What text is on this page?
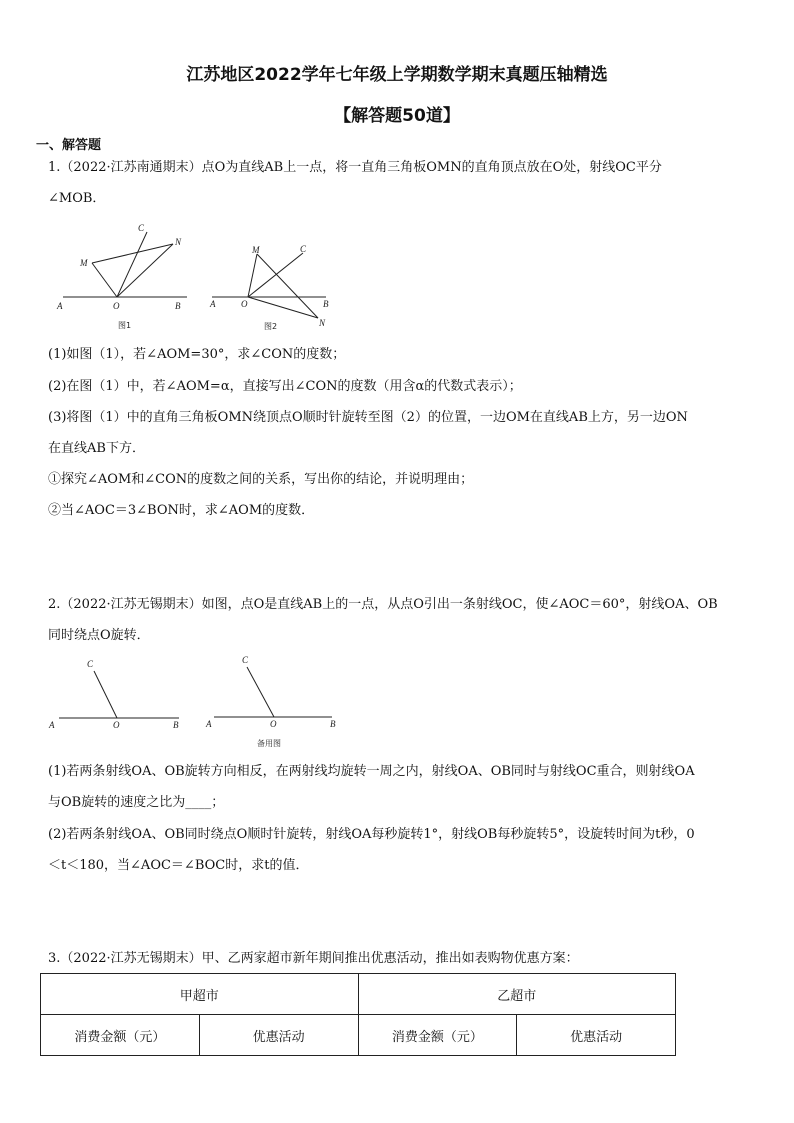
江苏地区2022学年七年级上学期数学期末真题压轴精选
【解答题50道】
一、解答题
1.（2022·江苏南通期末）点O为直线AB上一点，将一直角三角板OMN的直角顶点放在O处，射线OC平分
∠MOB．
A	O	B
C
M
N
图1
A	O	B
C
M
N
图2
(1)如图（1），若∠AOM=30°，求∠CON的度数；
(2)在图（1）中，若∠AOM=α，直接写出∠CON的度数（用含α的代数式表示）；
(3)将图（1）中的直角三角板OMN绕顶点O顺时针旋转至图（2）的位置，一边OM在直线AB上方，另一边ON
在直线AB下方．
①探究∠AOM和∠CON的度数之间的关系，写出你的结论，并说明理由；
②当∠AOC＝3∠BON时，求∠AOM的度数．
2.（2022·江苏无锡期末）如图，点O是直线AB上的一点，从点O引出一条射线OC，使∠AOC＝60°，射线OA、OB
同时绕点O旋转．
A	O	B
C
A	O	B
C
备用图
(1)若两条射线OA、OB旋转方向相反，在两射线均旋转一周之内，射线OA、OB同时与射线OC重合，则射线OA
与OB旋转的速度之比为____；
(2)若两条射线OA、OB同时绕点O顺时针旋转，射线OA每秒旋转1°，射线OB每秒旋转5°，设旋转时间为t秒，0
＜t＜180，当∠AOC＝∠BOC时，求t的值．
3.（2022·江苏无锡期末）甲、乙两家超市新年期间推出优惠活动，推出如表购物优惠方案：
甲超市		乙超市	
消费金额（元）	优惠活动	消费金额（元）	优惠活动
